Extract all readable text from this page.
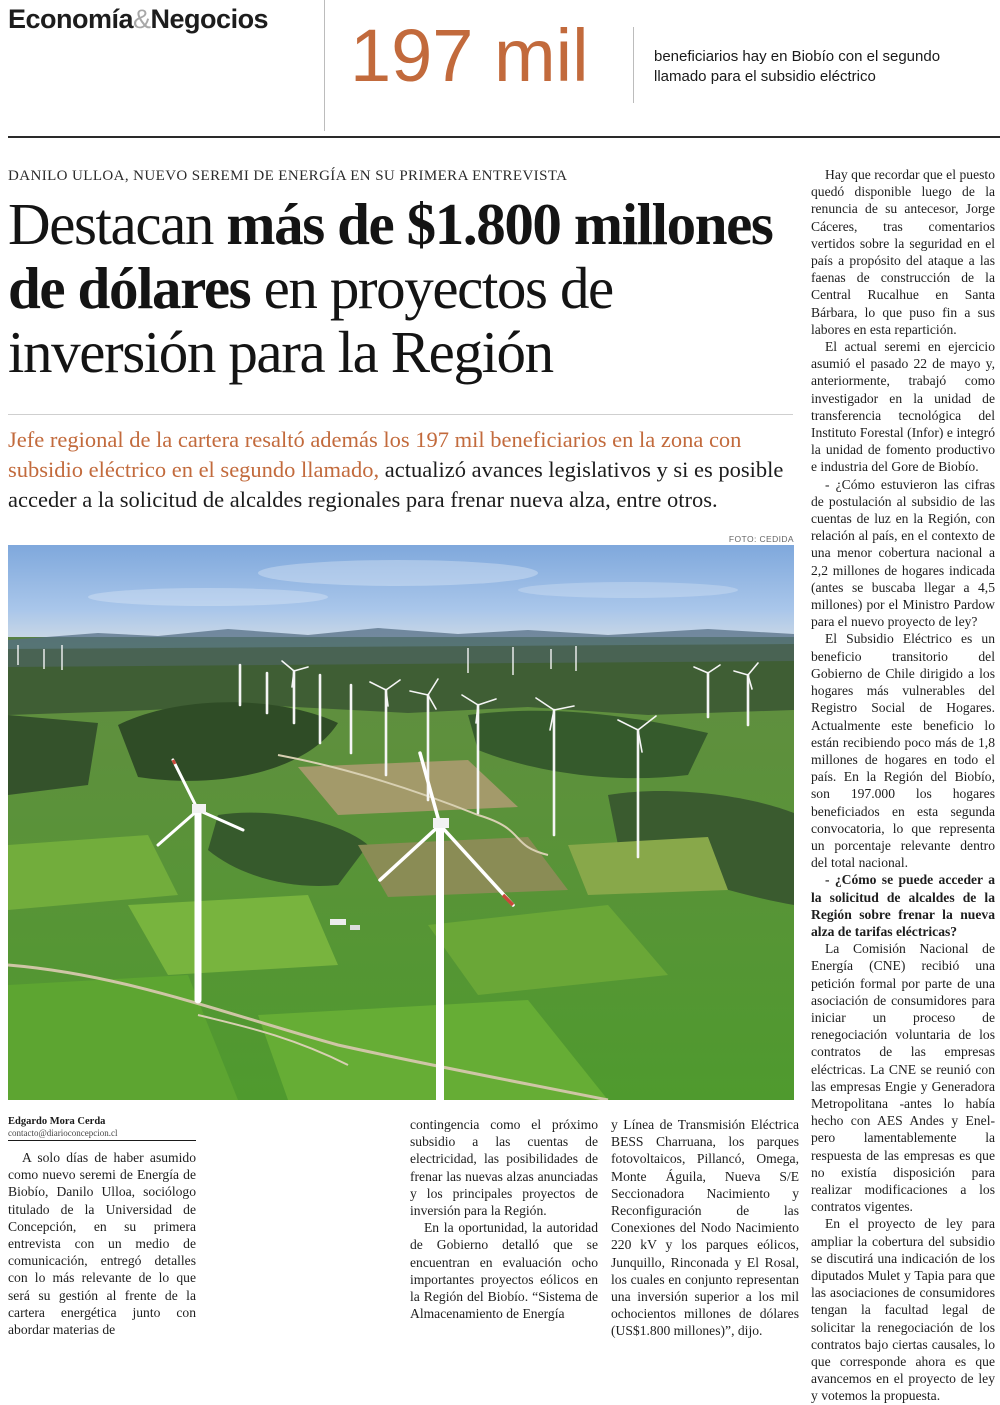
Economía&Negocios 197 mil	beneficiarios hay en Biobío con el segundo llamado para el subsidio eléctrico
DANILO ULLOA, NUEVO SEREMI DE ENERGÍA EN SU PRIMERA ENTREVISTA
Destacan más de $1.800 millones de dólares en proyectos de inversión para la Región

Jefe regional de la cartera resaltó además los 197 mil beneficiarios en la zona con subsidio eléctrico en el segundo llamado, actualizó avances legislativos y si es posible acceder a la solicitud de alcaldes regionales para frenar nueva alza, entre otros.

FOTO: CEDIDA
Edgardo Mora Cerda
contacto@diarioconcepcion.cl

A solo días de haber asumido como nuevo seremi de Energía de Biobío, Danilo Ulloa, sociólogo titulado de la Universidad de Concepción, en su primera entrevista con un medio de comunicación, entregó detalles con lo más relevante de lo que será su gestión al frente de la cartera energética junto con abordar materias de

contingencia como el próximo subsidio a las cuentas de electricidad, las posibilidades de frenar las nuevas alzas anunciadas y los principales proyectos de inversión para la Región.

En la oportunidad, la autoridad de Gobierno detalló que se encuentran en evaluación ocho importantes proyectos eólicos en la Región del Biobío. “Sistema de Almacenamiento de Energía

y Línea de Transmisión Eléctrica BESS Charruana, los parques fotovoltaicos, Pillancó, Omega, Monte Águila, Nueva S/E Seccionadora Nacimiento y Reconfiguración de las Conexiones del Nodo Nacimiento 220 kV y los parques eólicos, Junquillo, Rinconada y El Rosal, los cuales en conjunto representan una inversión superior a los mil ochocientos millones de dólares (US$1.800 millones)”, dijo.

Hay que recordar que el puesto quedó disponible luego de la renuncia de su antecesor, Jorge Cáceres, tras comentarios vertidos sobre la seguridad en el país a propósito del ataque a las faenas de construcción de la Central Rucalhue en Santa Bárbara, lo que puso fin a sus labores en esta repartición.

El actual seremi en ejercicio asumió el pasado 22 de mayo y, anteriormente, trabajó como investigador en la unidad de transferencia tecnológica del Instituto Forestal (Infor) e integró la unidad de fomento productivo e industria del Gore de Biobío.

- ¿Cómo estuvieron las cifras de postulación al subsidio de las cuentas de luz en la Región, con relación al país, en el contexto de una menor cobertura nacional a 2,2 millones de hogares indicada (antes se buscaba llegar a 4,5 millones) por el Ministro Pardow para el nuevo proyecto de ley?

El Subsidio Eléctrico es un beneficio transitorio del Gobierno de Chile dirigido a los hogares más vulnerables del Registro Social de Hogares. Actualmente este beneficio lo están recibiendo poco más de 1,8 millones de hogares en todo el país. En la Región del Biobío, son 197.000 los hogares beneficiados en esta segunda convocatoria, lo que representa un porcentaje relevante dentro del total nacional.

- ¿Cómo se puede acceder a la solicitud de alcaldes de la Región sobre frenar la nueva alza de tarifas eléctricas?

La Comisión Nacional de Energía (CNE) recibió una petición formal por parte de una asociación de consumidores para iniciar un proceso de renegociación voluntaria de los contratos de las empresas eléctricas. La CNE se reunió con las empresas Engie y Generadora Metropolitana -antes lo había hecho con AES Andes y Enel- pero lamentablemente la respuesta de las empresas es que no existía disposición para realizar modificaciones a los contratos vigentes.

En el proyecto de ley para ampliar la cobertura del subsidio se discutirá una indicación de los diputados Mulet y Tapia para que las asociaciones de consumidores tengan la facultad legal de solicitar la renegociación de los contratos bajo ciertas causales, lo que corresponde ahora es que avancemos en el proyecto de ley y votemos la propuesta.
